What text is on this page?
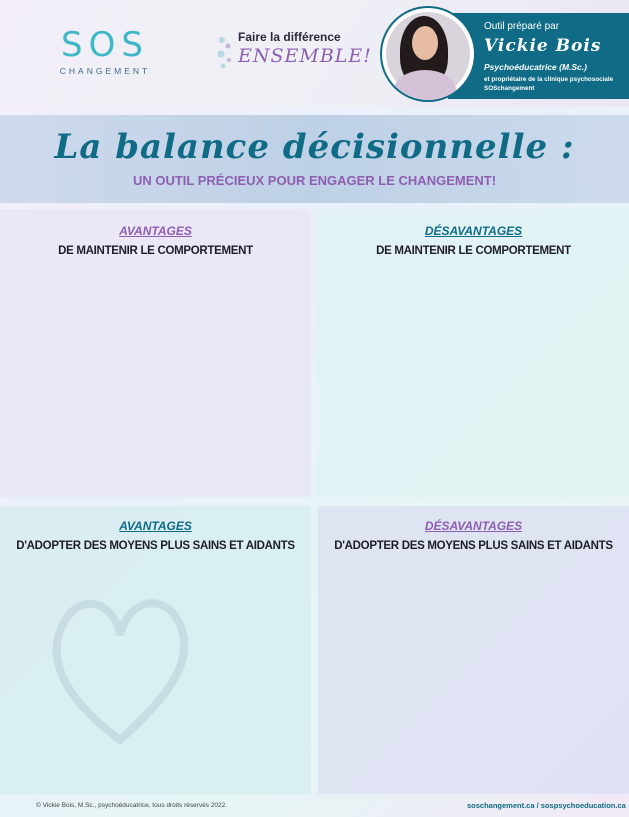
SOS
CHANGEMENT
Faire la différence
ENSEMBLE!
Outil préparé par
Vickie Bois
Psychoéducatrice (M.Sc.)
et propriétaire de la clinique psychosociale SOSchangement
La balance décisionnelle :
UN OUTIL PRÉCIEUX POUR ENGAGER LE CHANGEMENT!
AVANTAGES
DE MAINTENIR LE COMPORTEMENT
DÉSAVANTAGES
DE MAINTENIR LE COMPORTEMENT
AVANTAGES
D'ADOPTER DES MOYENS PLUS SAINS ET AIDANTS
DÉSAVANTAGES
D'ADOPTER DES MOYENS PLUS SAINS ET AIDANTS
© Vickie Bois, M.Sc., psychoéducatrice, tous droits réservés 2022.	soschangement.ca / sospsychoeducation.ca
